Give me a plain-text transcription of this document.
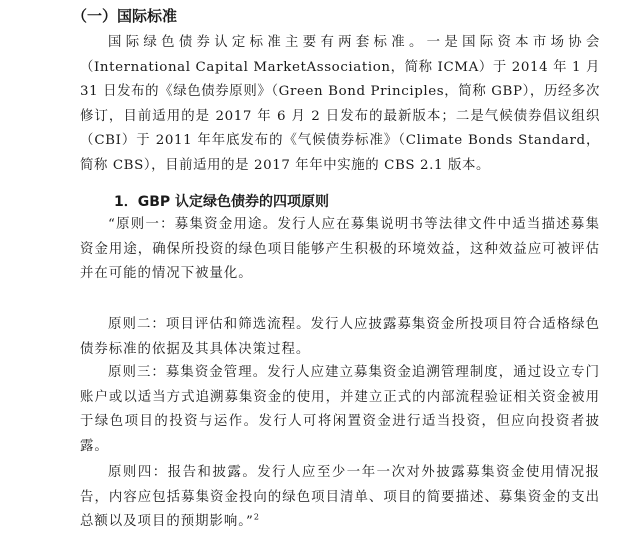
（一）国际标准

国际绿色债券认定标准主要有两套标准。一是国际资本市场协会（International Capital MarketAssociation，简称 ICMA）于 2014 年 1 月 31 日发布的《绿色债券原则》（Green Bond Principles，简称 GBP），历经多次修订，目前适用的是 2017 年 6 月 2 日发布的最新版本；二是气候债券倡议组织（CBI）于 2011 年年底发布的《气候债券标准》（Climate Bonds Standard，简称 CBS），目前适用的是 2017 年年中实施的 CBS 2.1 版本。

1．GBP 认定绿色债券的四项原则

“原则一：募集资金用途。发行人应在募集说明书等法律文件中适当描述募集资金用途，确保所投资的绿色项目能够产生积极的环境效益，这种效益应可被评估并在可能的情况下被量化。

原则二：项目评估和筛选流程。发行人应披露募集资金所投项目符合适格绿色债券标准的依据及其具体决策过程。

原则三：募集资金管理。发行人应建立募集资金追溯管理制度，通过设立专门账户或以适当方式追溯募集资金的使用，并建立正式的内部流程验证相关资金被用于绿色项目的投资与运作。发行人可将闲置资金进行适当投资，但应向投资者披露。

原则四：报告和披露。发行人应至少一年一次对外披露募集资金使用情况报告，内容应包括募集资金投向的绿色项目清单、项目的简要描述、募集资金的支出总额以及项目的预期影响。”$^2$
